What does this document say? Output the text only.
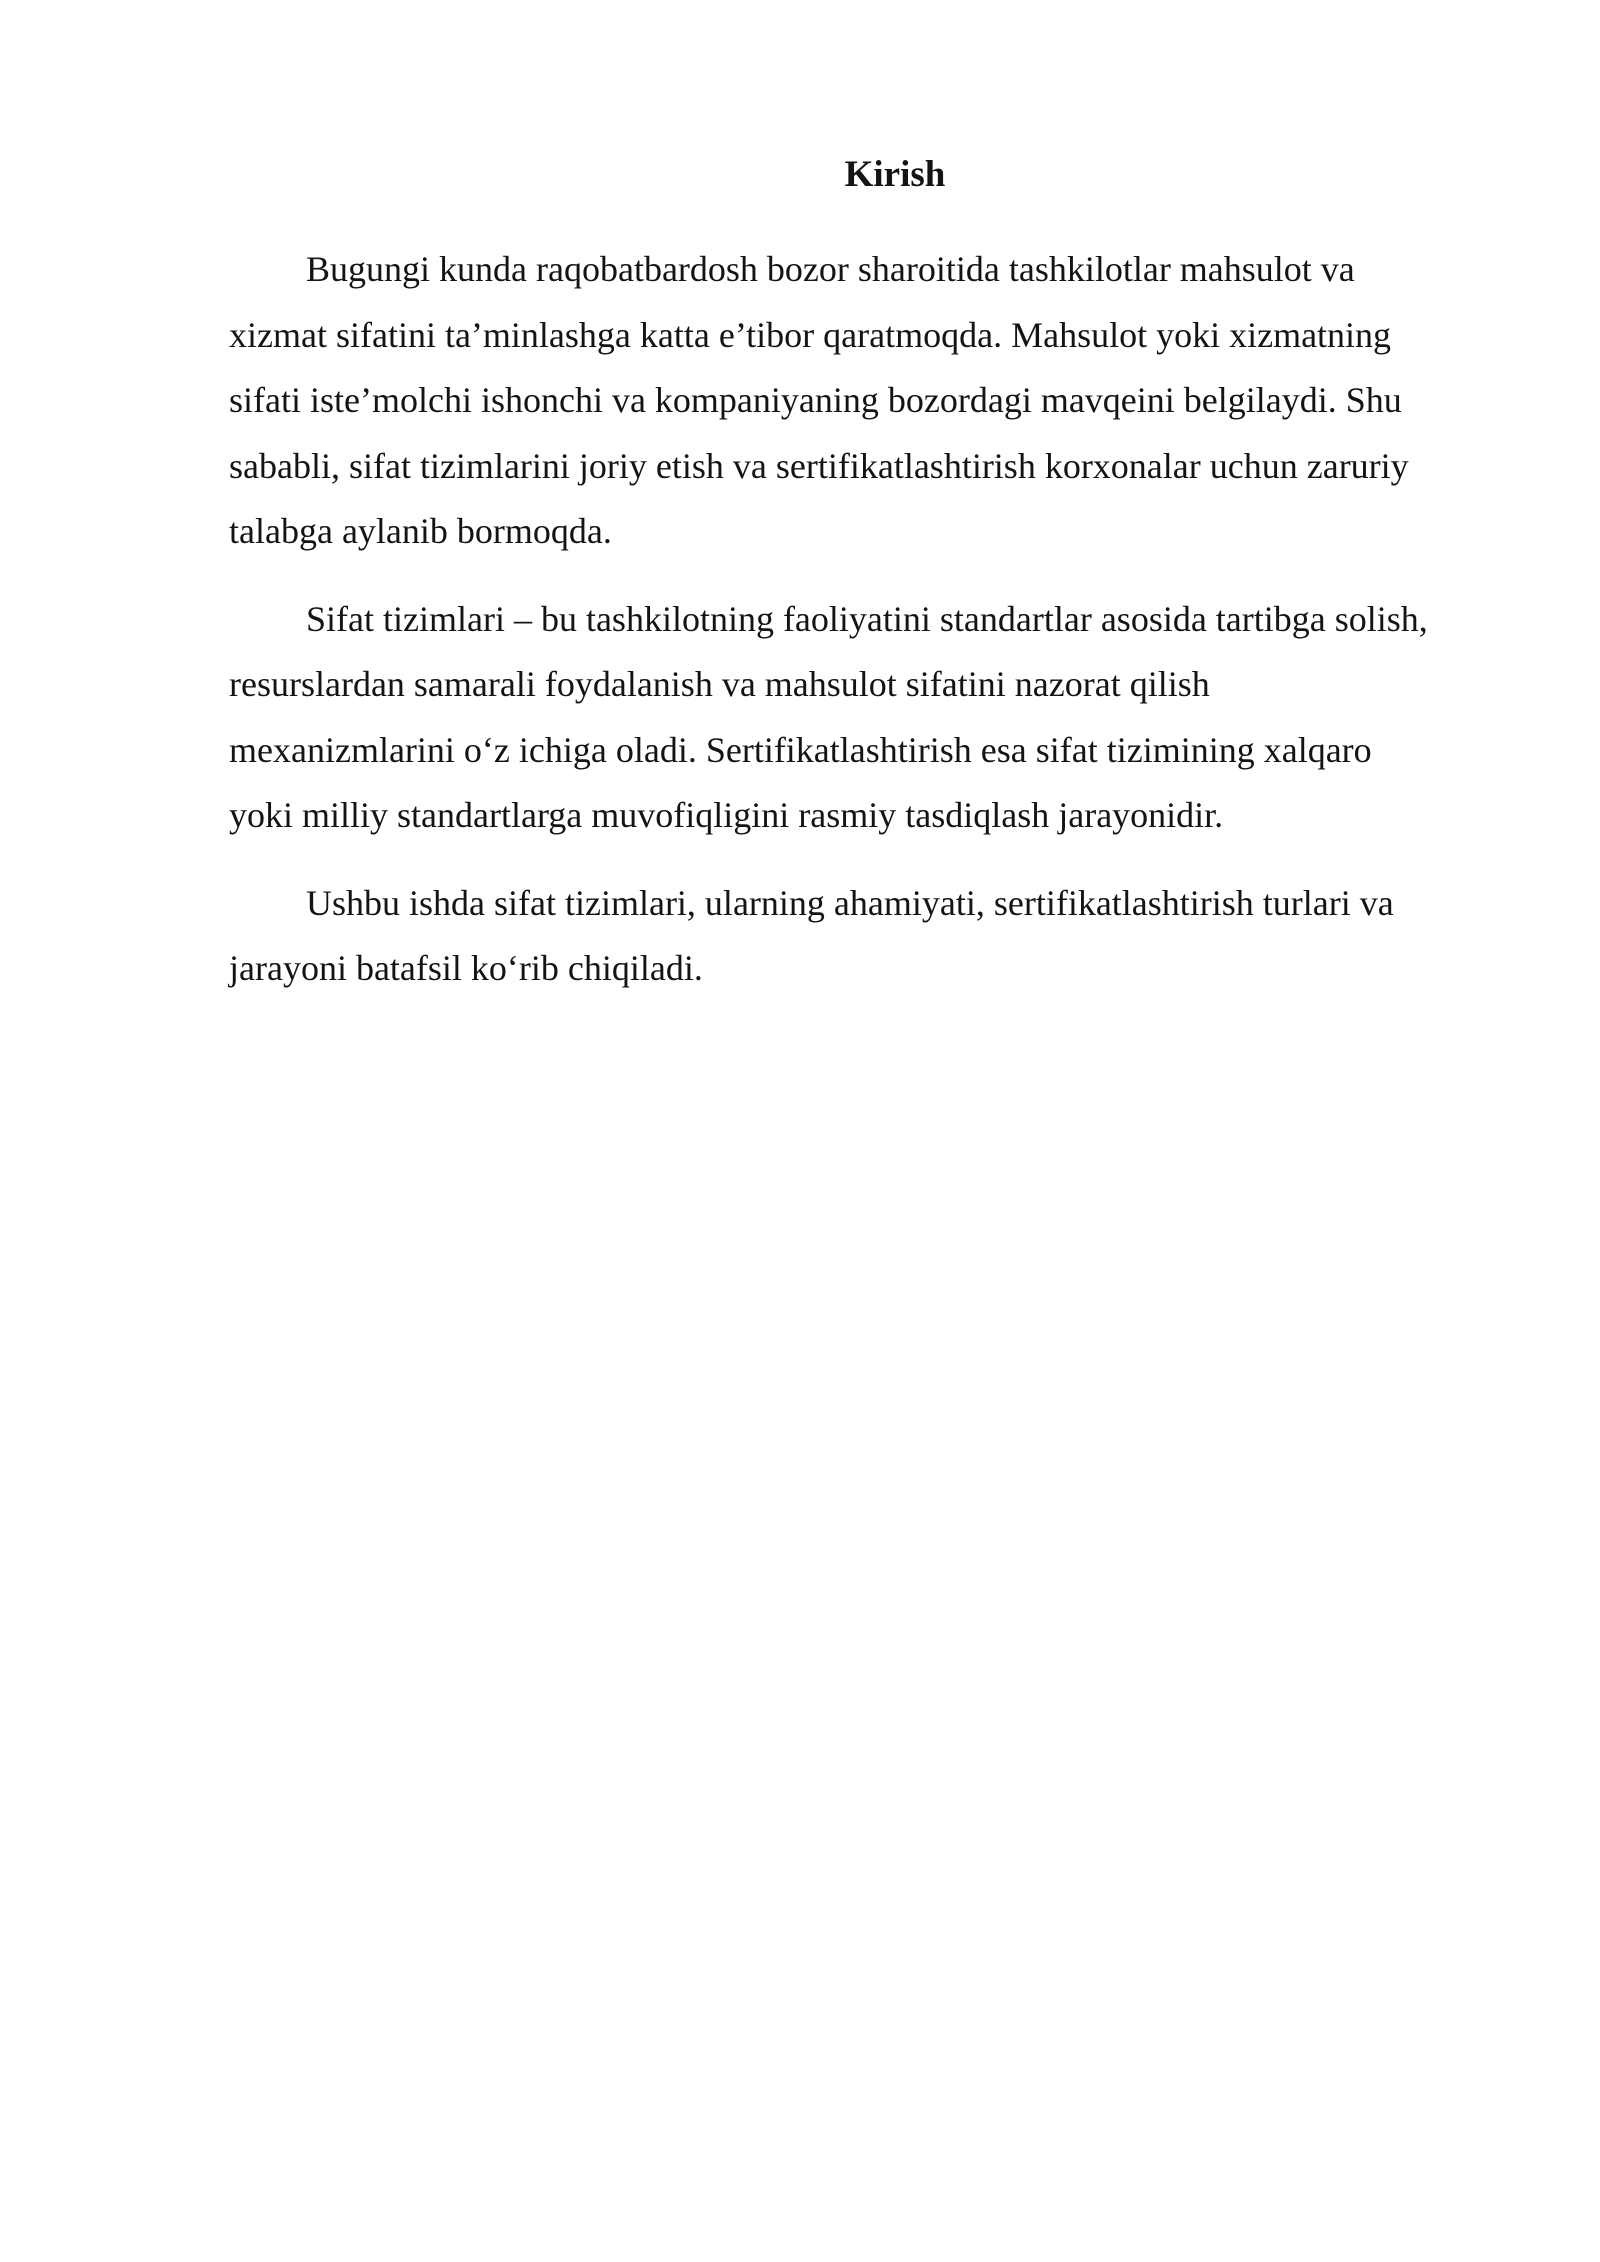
Kirish

Bugungi kunda raqobatbardosh bozor sharoitida tashkilotlar mahsulot va
xizmat sifatini ta’minlashga katta e’tibor qaratmoqda. Mahsulot yoki xizmatning
sifati iste’molchi ishonchi va kompaniyaning bozordagi mavqeini belgilaydi. Shu
sababli, sifat tizimlarini joriy etish va sertifikatlashtirish korxonalar uchun zaruriy
talabga aylanib bormoqda.

Sifat tizimlari – bu tashkilotning faoliyatini standartlar asosida tartibga solish,
resurslardan samarali foydalanish va mahsulot sifatini nazorat qilish
mexanizmlarini o‘z ichiga oladi. Sertifikatlashtirish esa sifat tizimining xalqaro
yoki milliy standartlarga muvofiqligini rasmiy tasdiqlash jarayonidir.

Ushbu ishda sifat tizimlari, ularning ahamiyati, sertifikatlashtirish turlari va
jarayoni batafsil ko‘rib chiqiladi.
